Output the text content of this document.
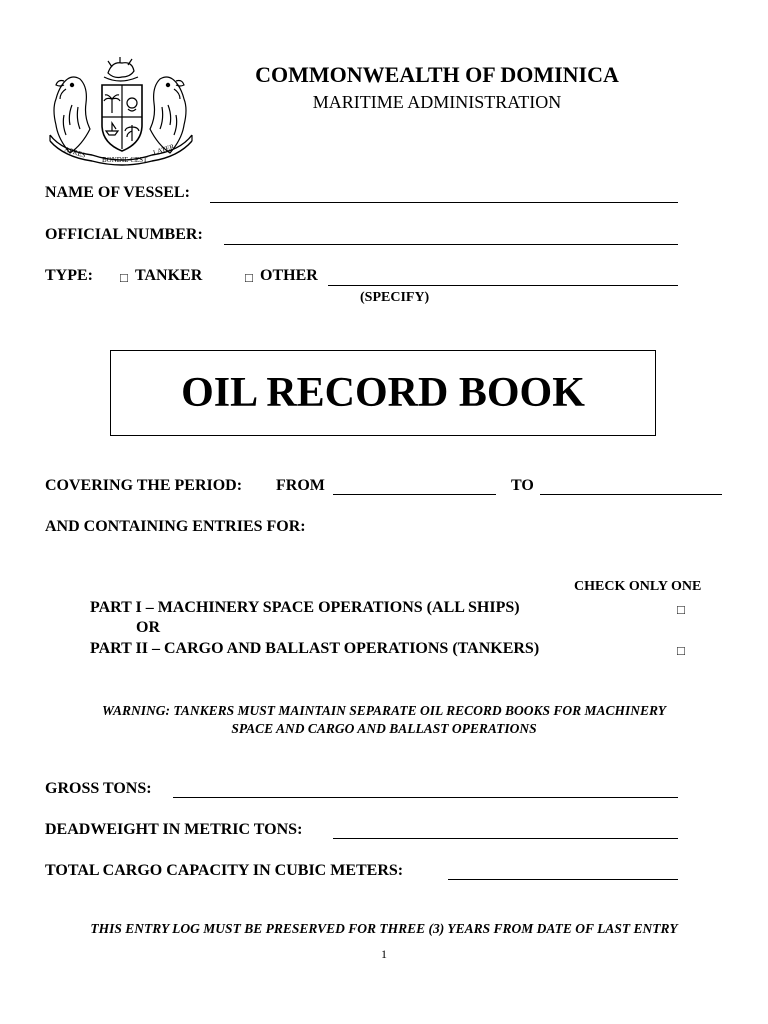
APRES
BONDIE CEST
LATER
COMMONWEALTH OF DOMINICA
MARITIME ADMINISTRATION
NAME OF VESSEL:
OFFICIAL NUMBER:
TYPE: □ TANKER	□ OTHER
(SPECIFY)
OIL RECORD BOOK
COVERING THE PERIOD: FROM	TO
AND CONTAINING ENTRIES FOR:
CHECK ONLY ONE
PART I – MACHINERY SPACE OPERATIONS (ALL SHIPS)	□
OR
PART II – CARGO AND BALLAST OPERATIONS (TANKERS)	□
WARNING: TANKERS MUST MAINTAIN SEPARATE OIL RECORD BOOKS FOR MACHINERY
SPACE AND CARGO AND BALLAST OPERATIONS
GROSS TONS:
DEADWEIGHT IN METRIC TONS:
TOTAL CARGO CAPACITY IN CUBIC METERS:
THIS ENTRY LOG MUST BE PRESERVED FOR THREE (3) YEARS FROM DATE OF LAST ENTRY
1
